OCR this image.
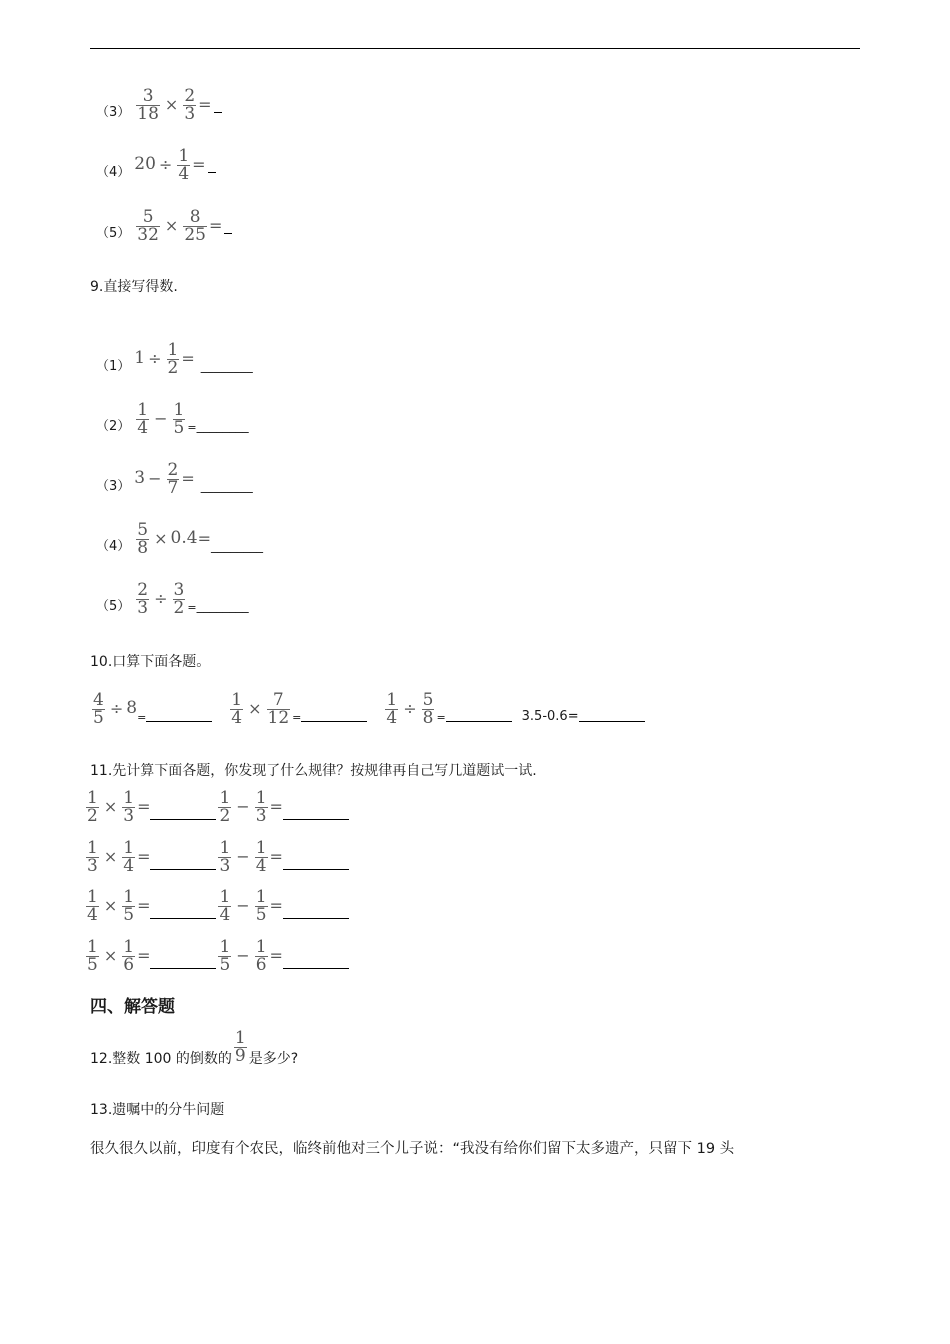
$(3) \frac{3}{18} \times \frac{2}{3}$ =
（4） $20 \div \frac{1}{4}$ =
$(5) \frac{5}{32} \times \frac{8}{25}$ =
9.直接写得数.
（1） $1 \div \frac{1}{2}$ = ________
$(2) \frac{1}{4} - \frac{1}{5}$ = ________
（3） $3 - \frac{2}{7}$ = ________
$(4) \frac{5}{8} \times 0.4$ = ________
$(5) \frac{2}{3} \div \frac{3}{2}$ = ________
10.口算下面各题。
$\frac{4}{5} \div 8$ =	$\frac{1}{4} \times \frac{7}{12}$ =	$\frac{1}{4} \div \frac{5}{8}$ =	3.5-0.6=
11.先计算下面各题，你发现了什么规律？按规律再自己写几道题试一试.
$\frac{1}{2} \times \frac{1}{3}$ =	$\frac{1}{2} - \frac{1}{3}$ =
$\frac{1}{3} \times \frac{1}{4}$ =	$\frac{1}{3} - \frac{1}{4}$ =
$\frac{1}{4} \times \frac{1}{5}$ =	$\frac{1}{4} - \frac{1}{5}$ =
$\frac{1}{5} \times \frac{1}{6}$ =	$\frac{1}{5} - \frac{1}{6}$ =
四、解答题
12.整数 100 的倒数的 $\frac{1}{9}$ 是多少?
13.遗嘱中的分牛问题
很久很久以前，印度有个农民，临终前他对三个儿子说：“我没有给你们留下太多遗产，只留下 19 头
